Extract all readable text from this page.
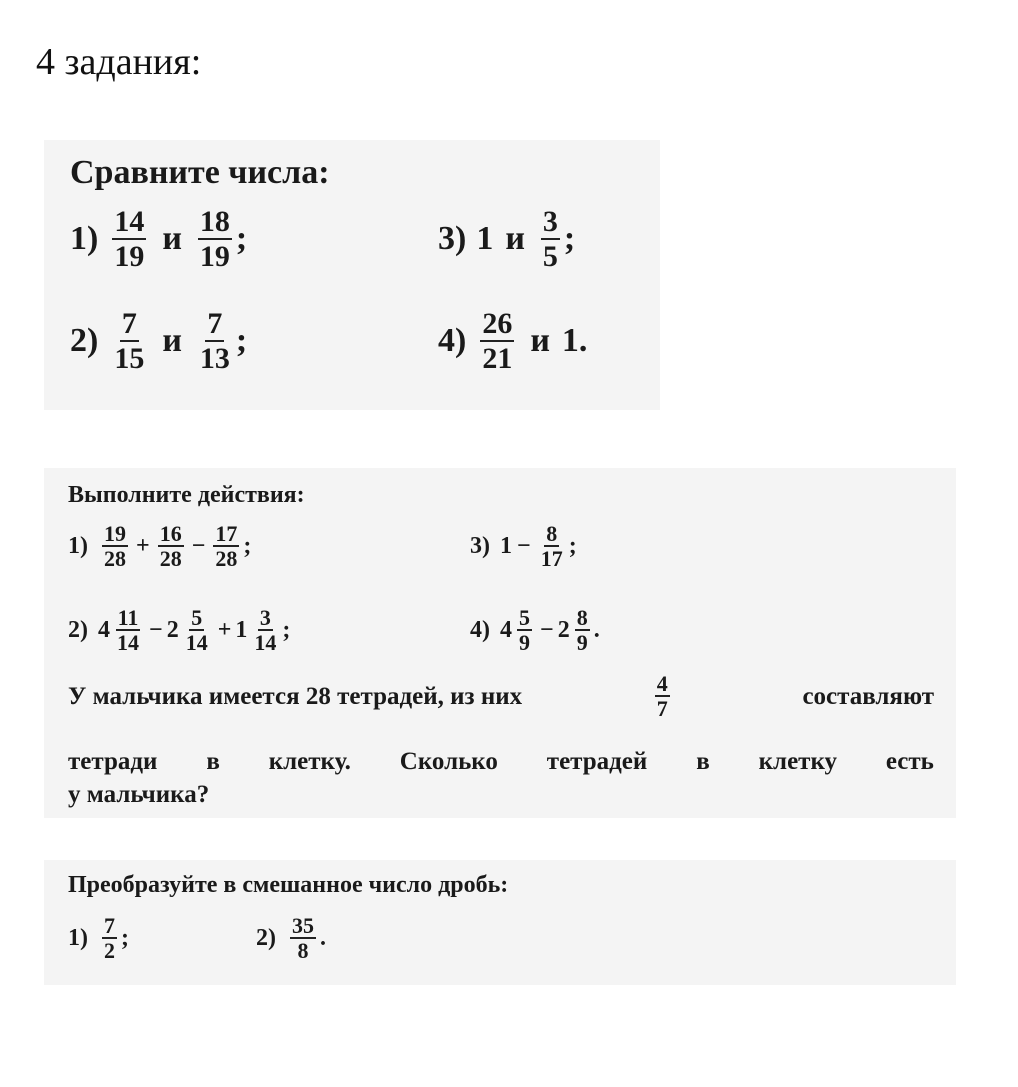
4 задания:
Сравните числа:
$1) \frac{14}{19}$ и $\frac{18}{19}$ ;
$2) \frac{7}{15}$ и $\frac{7}{13}$ ;
3) 1 и $\frac{3}{5}$ ;
$4) \frac{26}{21}$ и 1 .
Выполните действия:
$1) \frac{19}{28} + \frac{16}{28} - \frac{17}{28}$ ;
2) $4 \frac{11}{14} - 2 \frac{5}{14} + 1 \frac{3}{14}$ ;
3) $1 - \frac{8}{17}$ ;
4) $4 \frac{5}{9} - 2 \frac{8}{9}$ .
У мальчика имеется 28 тетрадей, из них	$\frac{4}{7}$	составляют
тетради в клетку. Сколько тетрадей в клетку есть
у мальчика?
Преобразуйте в смешанное число дробь:
$1) \frac{7}{2}$ ;	$2) \frac{35}{8}$ .
